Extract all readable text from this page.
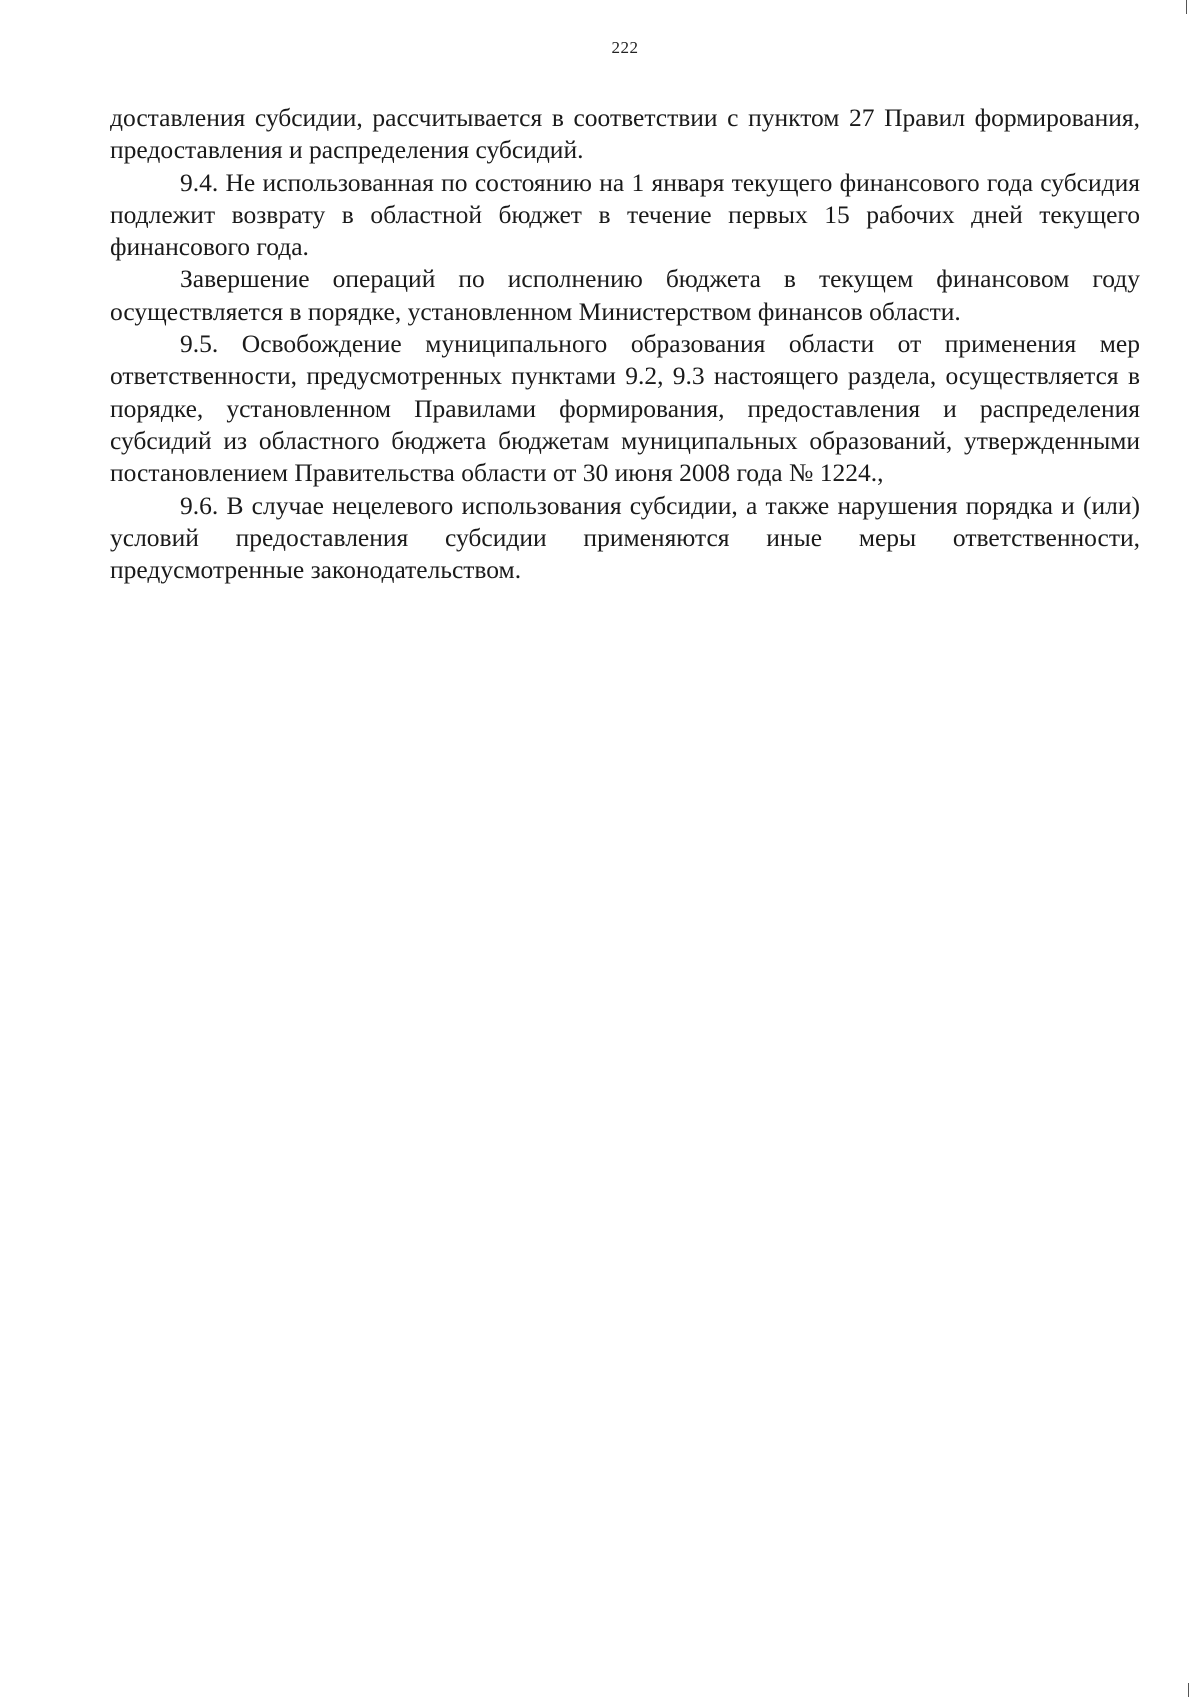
222

доставления субсидии, рассчитывается в соответствии с пунктом 27 Правил формирования, предоставления и распределения субсидий.

9.4. Не использованная по состоянию на 1 января текущего финансового года субсидия подлежит возврату в областной бюджет в течение первых 15 рабочих дней текущего финансового года.

Завершение операций по исполнению бюджета в текущем финансовом году осуществляется в порядке, установленном Министерством финансов области.

9.5. Освобождение муниципального образования области от применения мер ответственности, предусмотренных пунктами 9.2, 9.3 настоящего раздела, осуществляется в порядке, установленном Правилами формирования, предоставления и распределения субсидий из областного бюджета бюджетам муниципальных образований, утвержденными постановлением Правительства области от 30 июня 2008 года № 1224.,

9.6. В случае нецелевого использования субсидии, а также нарушения порядка и (или) условий предоставления субсидии применяются иные меры ответственности, предусмотренные законодательством.
